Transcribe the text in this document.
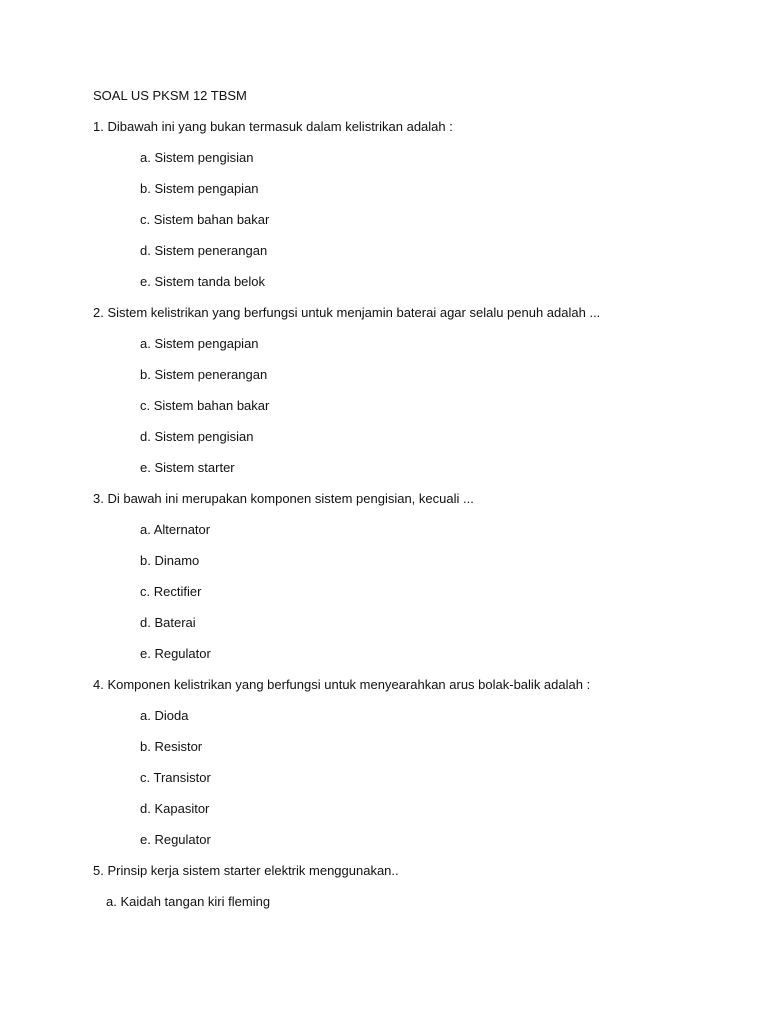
SOAL US PKSM 12 TBSM
1. Dibawah ini yang bukan termasuk dalam kelistrikan adalah :
a. Sistem pengisian
b. Sistem pengapian
c. Sistem bahan bakar
d. Sistem penerangan
e. Sistem tanda belok
2. Sistem kelistrikan yang berfungsi untuk menjamin baterai agar selalu penuh adalah ...
a. Sistem pengapian
b. Sistem penerangan
c. Sistem bahan bakar
d. Sistem pengisian
e. Sistem starter
3. Di bawah ini merupakan komponen sistem pengisian, kecuali ...
a. Alternator
b. Dinamo
c. Rectifier
d. Baterai
e. Regulator
4. Komponen kelistrikan yang berfungsi untuk menyearahkan arus bolak-balik adalah :
a. Dioda
b. Resistor
c. Transistor
d. Kapasitor
e. Regulator
5. Prinsip kerja sistem starter elektrik menggunakan..
a. Kaidah tangan kiri fleming
